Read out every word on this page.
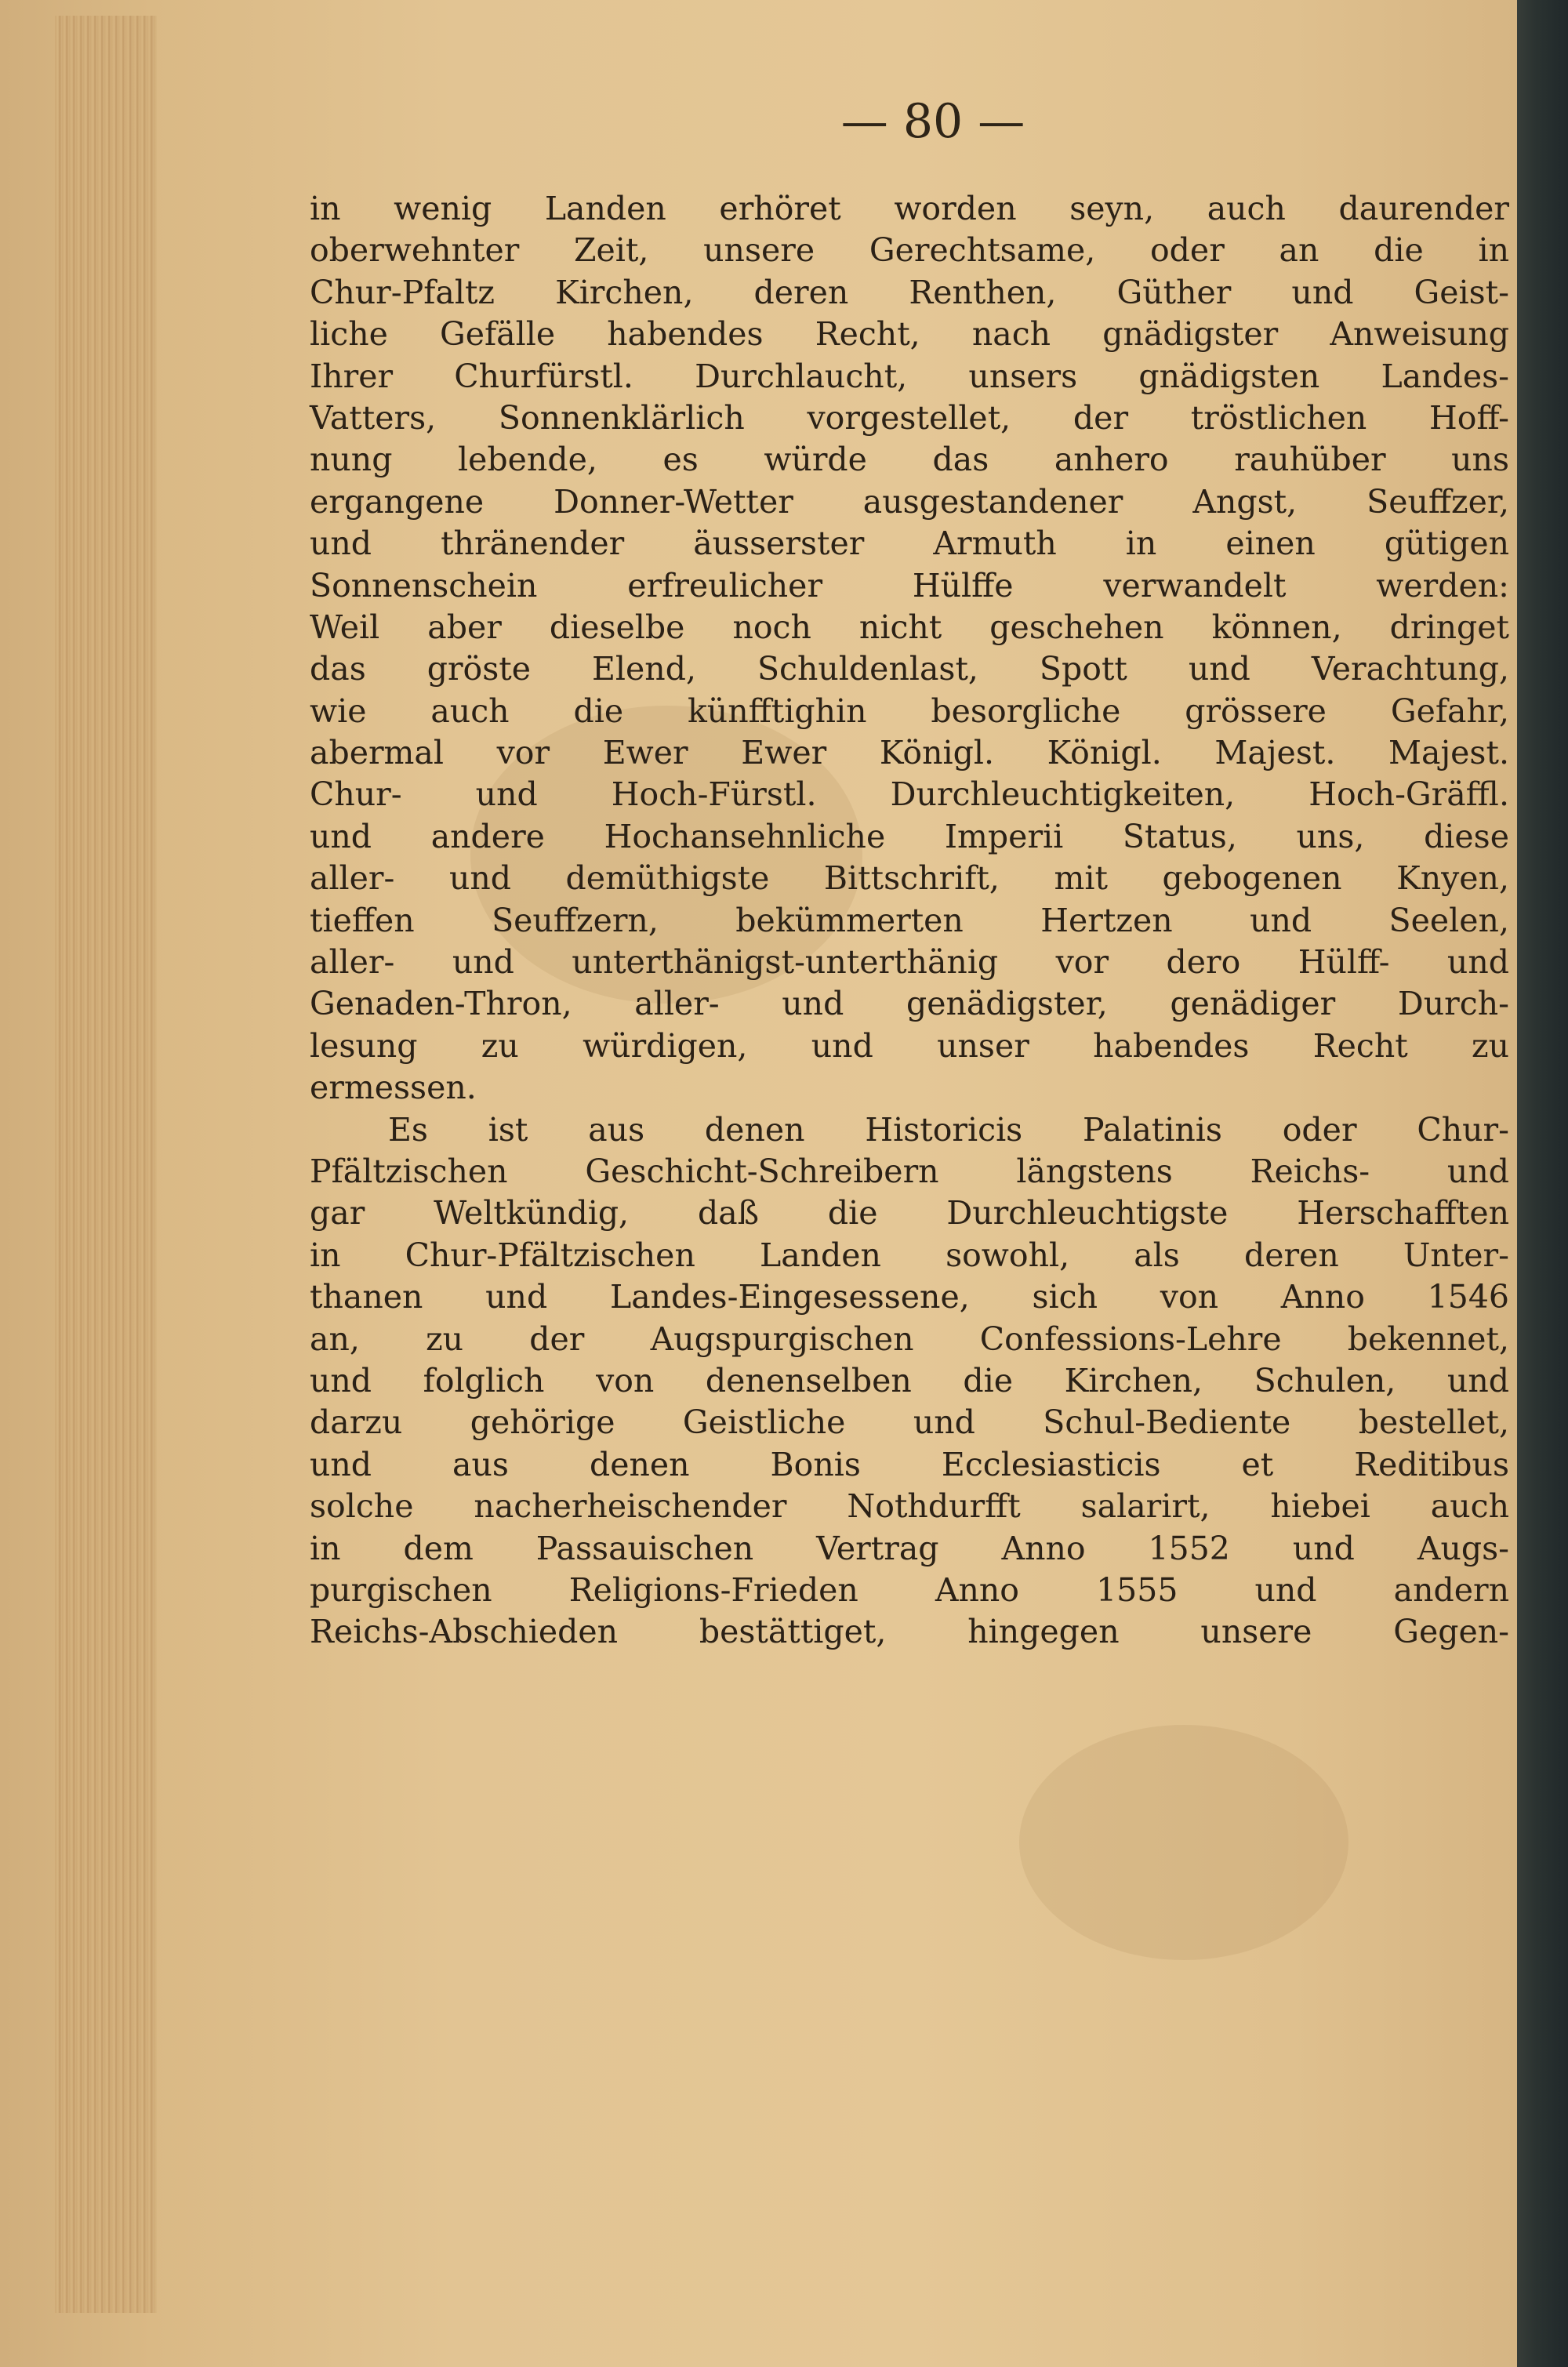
— 80 —
in wenig Landen erhöret worden seyn, auch daurender
oberwehnter Zeit, unsere Gerechtsame, oder an die in
Chur-Pfaltz Kirchen, deren Renthen, Güther und Geist-
liche Gefälle habendes Recht, nach gnädigster Anweisung
Ihrer Churfürstl. Durchlaucht, unsers gnädigsten Landes-
Vatters, Sonnenklärlich vorgestellet, der tröstlichen Hoff-
nung lebende, es würde das anhero rauhüber uns
ergangene Donner-Wetter ausgestandener Angst, Seuffzer,
und thränender äusserster Armuth in einen gütigen
Sonnenschein erfreulicher Hülffe verwandelt werden:
Weil aber dieselbe noch nicht geschehen können, dringet
das gröste Elend, Schuldenlast, Spott und Verachtung,
wie auch die künfftighin besorgliche grössere Gefahr,
abermal vor Ewer Ewer Königl. Königl. Majest. Majest.
Chur- und Hoch-Fürstl. Durchleuchtigkeiten, Hoch-Gräffl.
und andere Hochansehnliche Imperii Status, uns, diese
aller- und demüthigste Bittschrift, mit gebogenen Knyen,
tieffen Seuffzern, bekümmerten Hertzen und Seelen,
aller- und unterthänigst-unterthänig vor dero Hülff- und
Genaden-Thron, aller- und genädigster, genädiger Durch-
lesung zu würdigen, und unser habendes Recht zu
ermessen.
Es ist aus denen Historicis Palatinis oder Chur-
Pfältzischen Geschicht-Schreibern längstens Reichs- und
gar Weltkündig, daß die Durchleuchtigste Herschafften
in Chur-Pfältzischen Landen sowohl, als deren Unter-
thanen und Landes-Eingesessene, sich von Anno 1546
an, zu der Augspurgischen Confessions-Lehre bekennet,
und folglich von denenselben die Kirchen, Schulen, und
darzu gehörige Geistliche und Schul-Bediente bestellet,
und aus denen Bonis Ecclesiasticis et Reditibus
solche nacherheischender Nothdurfft salarirt, hiebei auch
in dem Passauischen Vertrag Anno 1552 und Augs-
purgischen Religions-Frieden Anno 1555 und andern
Reichs-Abschieden bestättiget, hingegen unsere Gegen-
